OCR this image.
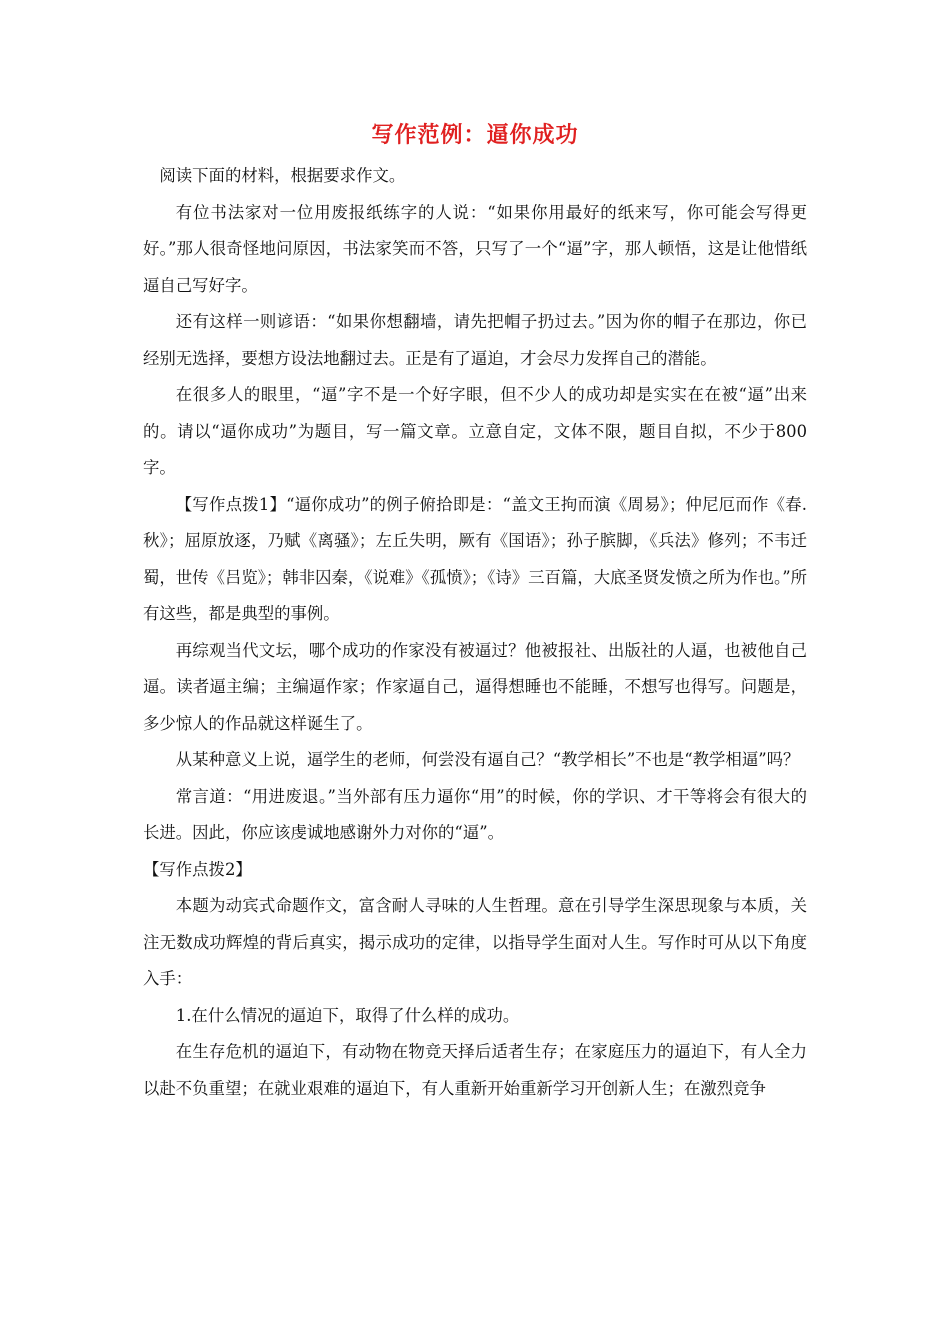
写作范例：逼你成功

阅读下面的材料，根据要求作文。

有位书法家对一位用废报纸练字的人说：“如果你用最好的纸来写，你可能会写得更好。”那人很奇怪地问原因，书法家笑而不答，只写了一个“逼”字，那人顿悟，这是让他惜纸逼自己写好字。

还有这样一则谚语：“如果你想翻墙，请先把帽子扔过去。”因为你的帽子在那边，你已经别无选择，要想方设法地翻过去。正是有了逼迫，才会尽力发挥自己的潜能。

在很多人的眼里，“逼”字不是一个好字眼，但不少人的成功却是实实在在被“逼”出来的。请以“逼你成功”为题目，写一篇文章。立意自定，文体不限，题目自拟，不少于800字。

【写作点拨1】“逼你成功”的例子俯拾即是：“盖文王拘而演《周易》；仲尼厄而作《春.秋》；屈原放逐，乃赋《离骚》；左丘失明，厥有《国语》；孙子膑脚，《兵法》修列；不韦迁蜀，世传《吕览》；韩非囚秦，《说难》《孤愤》；《诗》三百篇，大底圣贤发愤之所为作也。”所有这些，都是典型的事例。

再综观当代文坛，哪个成功的作家没有被逼过？他被报社、出版社的人逼，也被他自己逼。读者逼主编；主编逼作家；作家逼自己，逼得想睡也不能睡，不想写也得写。问题是，多少惊人的作品就这样诞生了。

从某种意义上说，逼学生的老师，何尝没有逼自己？“教学相长”不也是“教学相逼”吗？

常言道：“用进废退。”当外部有压力逼你“用”的时候，你的学识、才干等将会有很大的长进。因此，你应该虔诚地感谢外力对你的“逼”。

【写作点拨2】

本题为动宾式命题作文，富含耐人寻味的人生哲理。意在引导学生深思现象与本质，关注无数成功辉煌的背后真实，揭示成功的定律，以指导学生面对人生。写作时可从以下角度入手：

1.在什么情况的逼迫下，取得了什么样的成功。

在生存危机的逼迫下，有动物在物竞天择后适者生存；在家庭压力的逼迫下，有人全力以赴不负重望；在就业艰难的逼迫下，有人重新开始重新学习开创新人生；在激烈竞争
